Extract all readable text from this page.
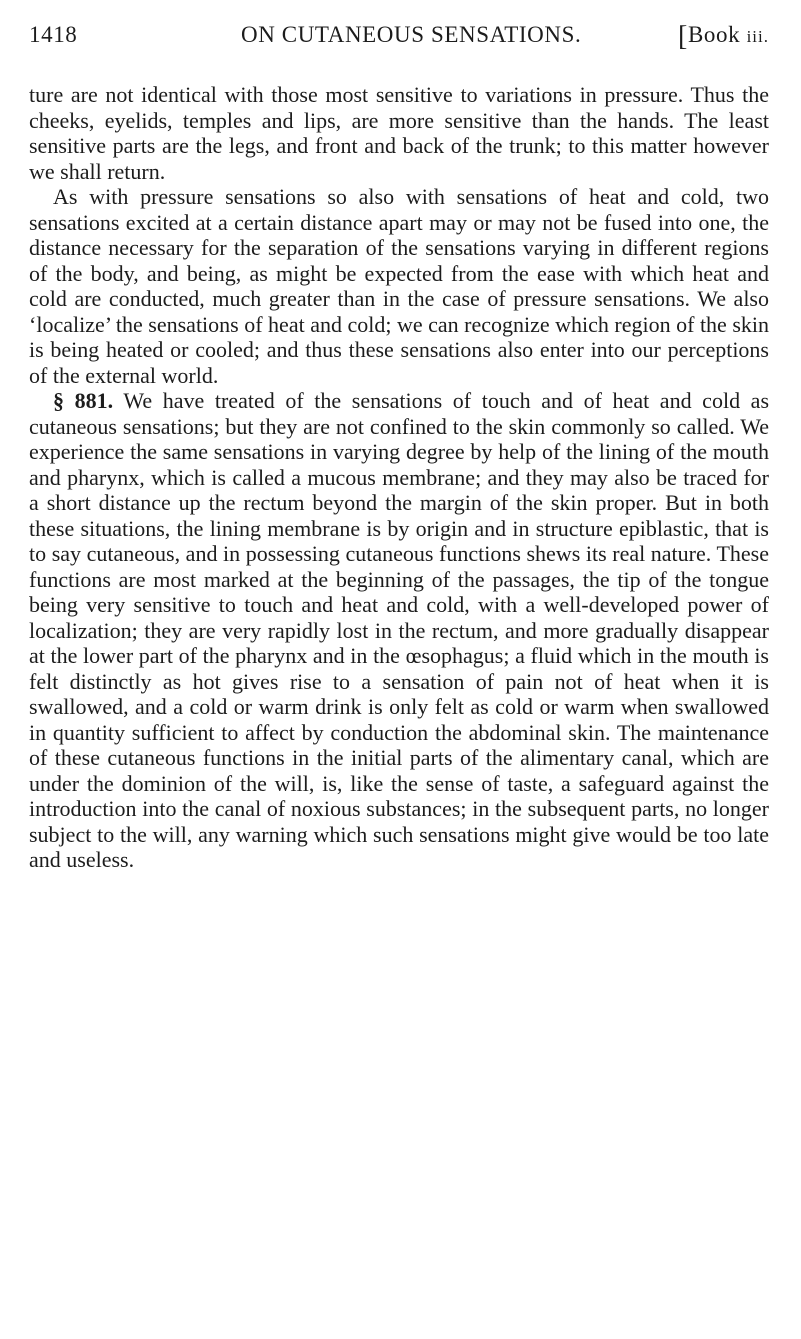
1418	ON CUTANEOUS SENSATIONS.	[Book iii.

ture are not identical with those most sensitive to variations in pressure. Thus the cheeks, eyelids, temples and lips, are more sensitive than the hands. The least sensitive parts are the legs, and front and back of the trunk; to this matter however we shall return.

As with pressure sensations so also with sensations of heat and cold, two sensations excited at a certain distance apart may or may not be fused into one, the distance necessary for the separation of the sensations varying in different regions of the body, and being, as might be expected from the ease with which heat and cold are conducted, much greater than in the case of pressure sensations. We also ‘localize’ the sensations of heat and cold; we can recognize which region of the skin is being heated or cooled; and thus these sensations also enter into our perceptions of the external world.

§ 881. We have treated of the sensations of touch and of heat and cold as cutaneous sensations; but they are not confined to the skin commonly so called. We experience the same sensations in varying degree by help of the lining of the mouth and pharynx, which is called a mucous membrane; and they may also be traced for a short distance up the rectum beyond the margin of the skin proper. But in both these situations, the lining membrane is by origin and in structure epiblastic, that is to say cutaneous, and in possessing cutaneous functions shews its real nature. These functions are most marked at the beginning of the passages, the tip of the tongue being very sensitive to touch and heat and cold, with a well-developed power of localization; they are very rapidly lost in the rectum, and more gradually disappear at the lower part of the pharynx and in the œsophagus; a fluid which in the mouth is felt distinctly as hot gives rise to a sensation of pain not of heat when it is swallowed, and a cold or warm drink is only felt as cold or warm when swallowed in quantity sufficient to affect by conduction the abdominal skin. The maintenance of these cutaneous functions in the initial parts of the alimentary canal, which are under the dominion of the will, is, like the sense of taste, a safeguard against the introduction into the canal of noxious substances; in the subsequent parts, no longer subject to the will, any warning which such sensations might give would be too late and useless.
